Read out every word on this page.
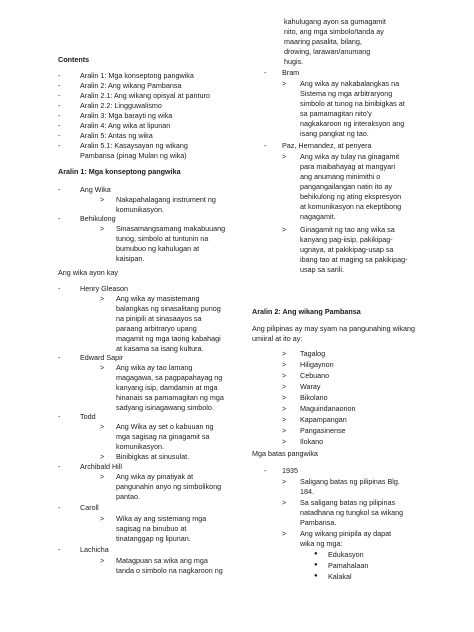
Contents
-	Aralin 1: Mga konseptong pangwika
-	Aralin 2: Ang wikang Pambansa
-	Aralin 2.1: Ang wikang opisyal at panturo
-	Aralin 2.2: Lingguwalismo
-	Aralin 3: Mga barayti ng wika
-	Aralin 4: Ang wika at lipunan
-	Aralin 5: Antas ng wika
-	Aralin 5.1: Kasaysayan ng wikang
Pambansa (pinag Mulan ng wika)
Aralin 1: Mga konseptong pangwika
-	Ang Wika
> Nakapahalagang instrument ng
komunikasyon.
-	Behikulong
> Sinasamangsamang makabuuang
tunog, simbolo at tuntunin na
bumubuo ng kahulugan at
kaisipan.
Ang wika ayon kay
-	Henry Gleason
> Ang wika ay masistemang
balangkas ng sinasalitang punog
na pinipili at sinasaayos sa
paraang arbitraryo upang
magamit ng mga taong kabahagi
at kasama sa isang kultura.
-	Edward Sapir
> Ang wika ay tao lamang
magagawa, sa pagpapahayag ng
kanyang isip, damdamin at mga
hinanais sa pamamagitan ng mga
sadyang isinagawang simbolo.
-	Todd
> Ang Wika ay set o kabuuan ng
mga sagisag na ginagamit sa
komunikasyon.
> Binibigkas at sinusulat.
-	Archibald Hill
> Ang wika ay pinatiyak at
pangunahin anyo ng simbolikong
pantao.
-	Caroll
> Wika ay ang sistemang mga
sagisag na binubuo at
tinatanggap ng lipunan.
-	Lachicha
> Matagpuan sa wika ang mga
tanda o simbolo na nagkaroon ng
kahulugang ayon sa gumagamit
nito, ang mga simbolo/tanda ay
maaring pasalita, bilang,
drowing, larawan/anumang
hugis.
- Bram
> Ang wika ay nakabalangkas na
Sistema ng mga arbitraryong
simbolo at tunog na binibigkas at
sa pamamagitan nito'y
nagkakaroon ng interaksyon ang
isang pangkat ng tao.
- Paz, Hernandez, at penyera
> Ang wika ay tulay na ginagamit
para maibahayag at mangyari
ang anumang minimithi o
pangangailangan natin ito ay
behikulong ng ating ekspresyon
at komunikasyon na ekeptibong
nagagamit.
> Ginagamit ng tao ang wika sa
kanyang pag-iisip, pakikipag-
ugnaya, at pakikipag-usap sa
ibang tao at maging sa pakikipag-
usap sa sarili.
Aralin 2: Ang wikang Pambansa
Ang pilipinas ay may syam na pangunahing wikang
umiiral at ito ay:
> Tagalog
> Hiligaynon
> Cebuano
> Waray
> Bikolano
> Maguindanaonon
> Kapampangan
> Pangasinense
> Ilokano
Mga batas pangwika
- 1935
> Saligang batas ng pilipinas Blg.
184.
> Sa saligang batas ng pilipinas
natadhana ng tungkol sa wikang
Pambansa.
> Ang wikang pinipila ay dapat
wika ng mga:
● Edukasyon
● Pamahalaan
● Kalakal
